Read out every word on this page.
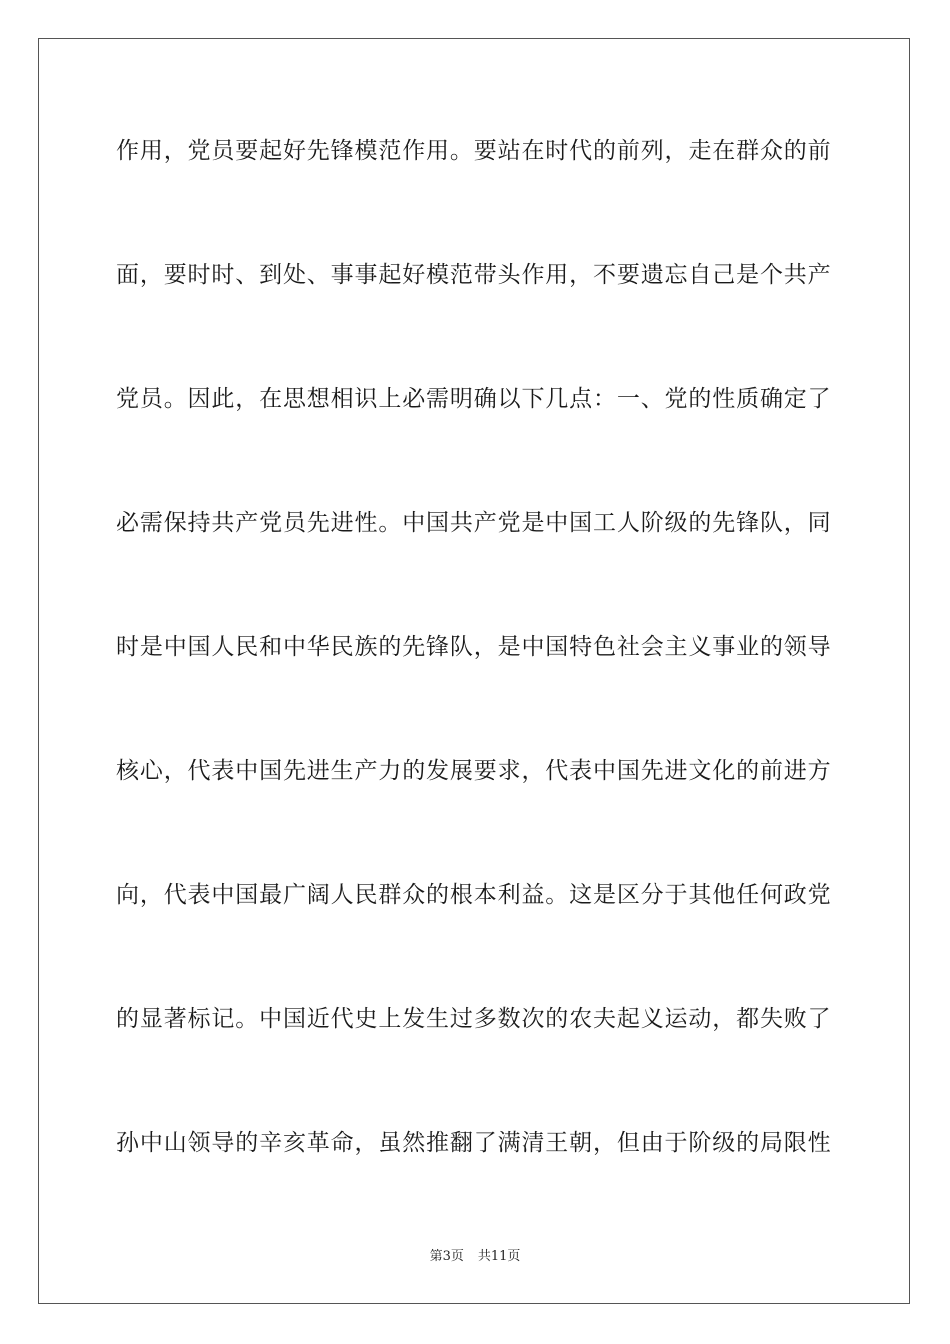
作用，党员要起好先锋模范作用。要站在时代的前列，走在群众的前
面，要时时、到处、事事起好模范带头作用，不要遗忘自己是个共产
党员。因此，在思想相识上必需明确以下几点：一、党的性质确定了
必需保持共产党员先进性。中国共产党是中国工人阶级的先锋队，同
时是中国人民和中华民族的先锋队，是中国特色社会主义事业的领导
核心，代表中国先进生产力的发展要求，代表中国先进文化的前进方
向，代表中国最广阔人民群众的根本利益。这是区分于其他任何政党
的显著标记。中国近代史上发生过多数次的农夫起义运动，都失败了
孙中山领导的辛亥革命，虽然推翻了满清王朝，但由于阶级的局限性
第3页 共11页
